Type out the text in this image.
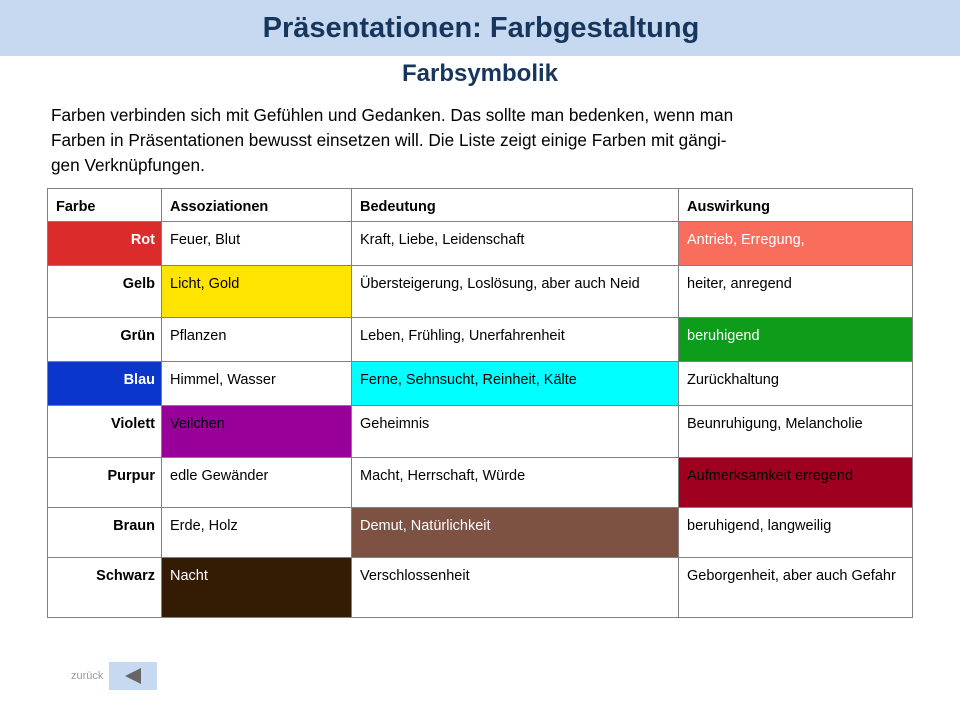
Präsentationen: Farbgestaltung
Farbsymbolik
Farben verbinden sich mit Gefühlen und Gedanken. Das sollte man bedenken, wenn man
Farben in Präsentationen bewusst einsetzen will. Die Liste zeigt einige Farben mit gängi-
gen Verknüpfungen.
Farbe	Assoziationen	Bedeutung	Auswirkung
Rot	Feuer, Blut	Kraft, Liebe, Leidenschaft	Antrieb, Erregung,
Gelb	Licht, Gold	Übersteigerung, Loslösung, aber auch Neid	heiter, anregend
Grün	Pflanzen	Leben, Frühling, Unerfahrenheit	beruhigend
Blau	Himmel, Wasser	Ferne, Sehnsucht, Reinheit, Kälte	Zurückhaltung
Violett	Veilchen	Geheimnis	Beunruhigung, Melancholie
Purpur	edle Gewänder	Macht, Herrschaft, Würde	Aufmerksamkeit erregend
Braun	Erde, Holz	Demut, Natürlichkeit	beruhigend, langweilig
Schwarz	Nacht	Verschlossenheit	Geborgenheit, aber auch Gefahr
zurück
